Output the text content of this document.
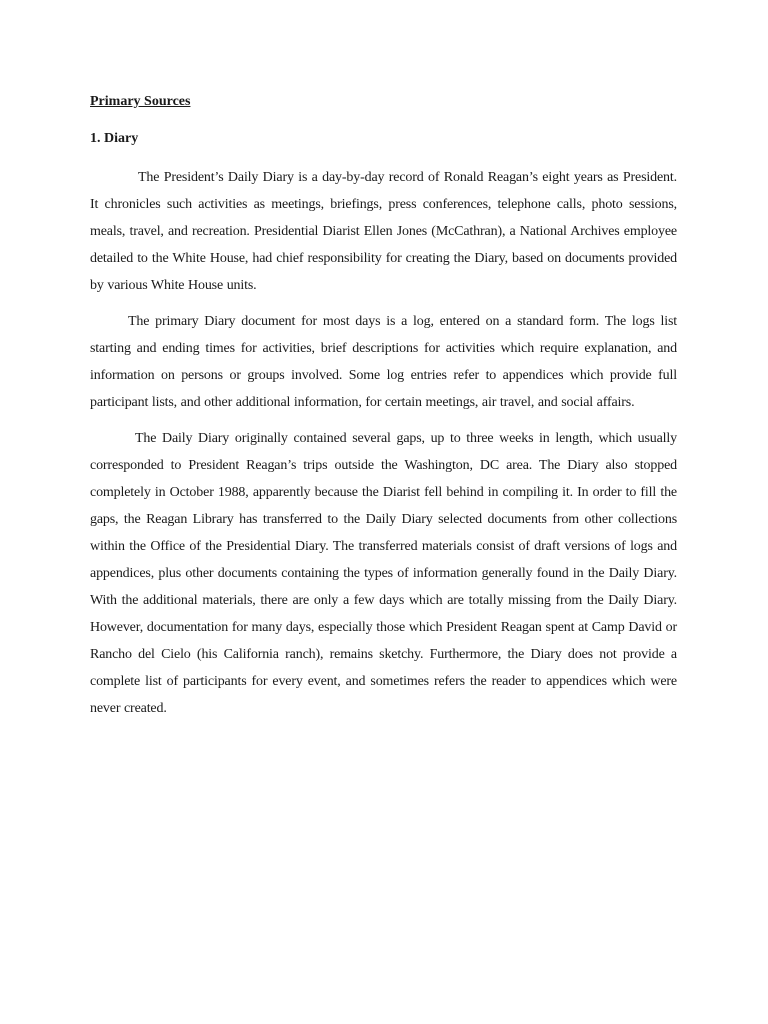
Primary Sources
1. Diary

The President’s Daily Diary is a day-by-day record of Ronald Reagan’s eight years as President. It chronicles such activities as meetings, briefings, press conferences, telephone calls, photo sessions, meals, travel, and recreation. Presidential Diarist Ellen Jones (McCathran), a National Archives employee detailed to the White House, had chief responsibility for creating the Diary, based on documents provided by various White House units.

The primary Diary document for most days is a log, entered on a standard form. The logs list starting and ending times for activities, brief descriptions for activities which require explanation, and information on persons or groups involved. Some log entries refer to appendices which provide full participant lists, and other additional information, for certain meetings, air travel, and social affairs.

The Daily Diary originally contained several gaps, up to three weeks in length, which usually corresponded to President Reagan’s trips outside the Washington, DC area. The Diary also stopped completely in October 1988, apparently because the Diarist fell behind in compiling it. In order to fill the gaps, the Reagan Library has transferred to the Daily Diary selected documents from other collections within the Office of the Presidential Diary. The transferred materials consist of draft versions of logs and appendices, plus other documents containing the types of information generally found in the Daily Diary. With the additional materials, there are only a few days which are totally missing from the Daily Diary. However, documentation for many days, especially those which President Reagan spent at Camp David or Rancho del Cielo (his California ranch), remains sketchy. Furthermore, the Diary does not provide a complete list of participants for every event, and sometimes refers the reader to appendices which were never created.
